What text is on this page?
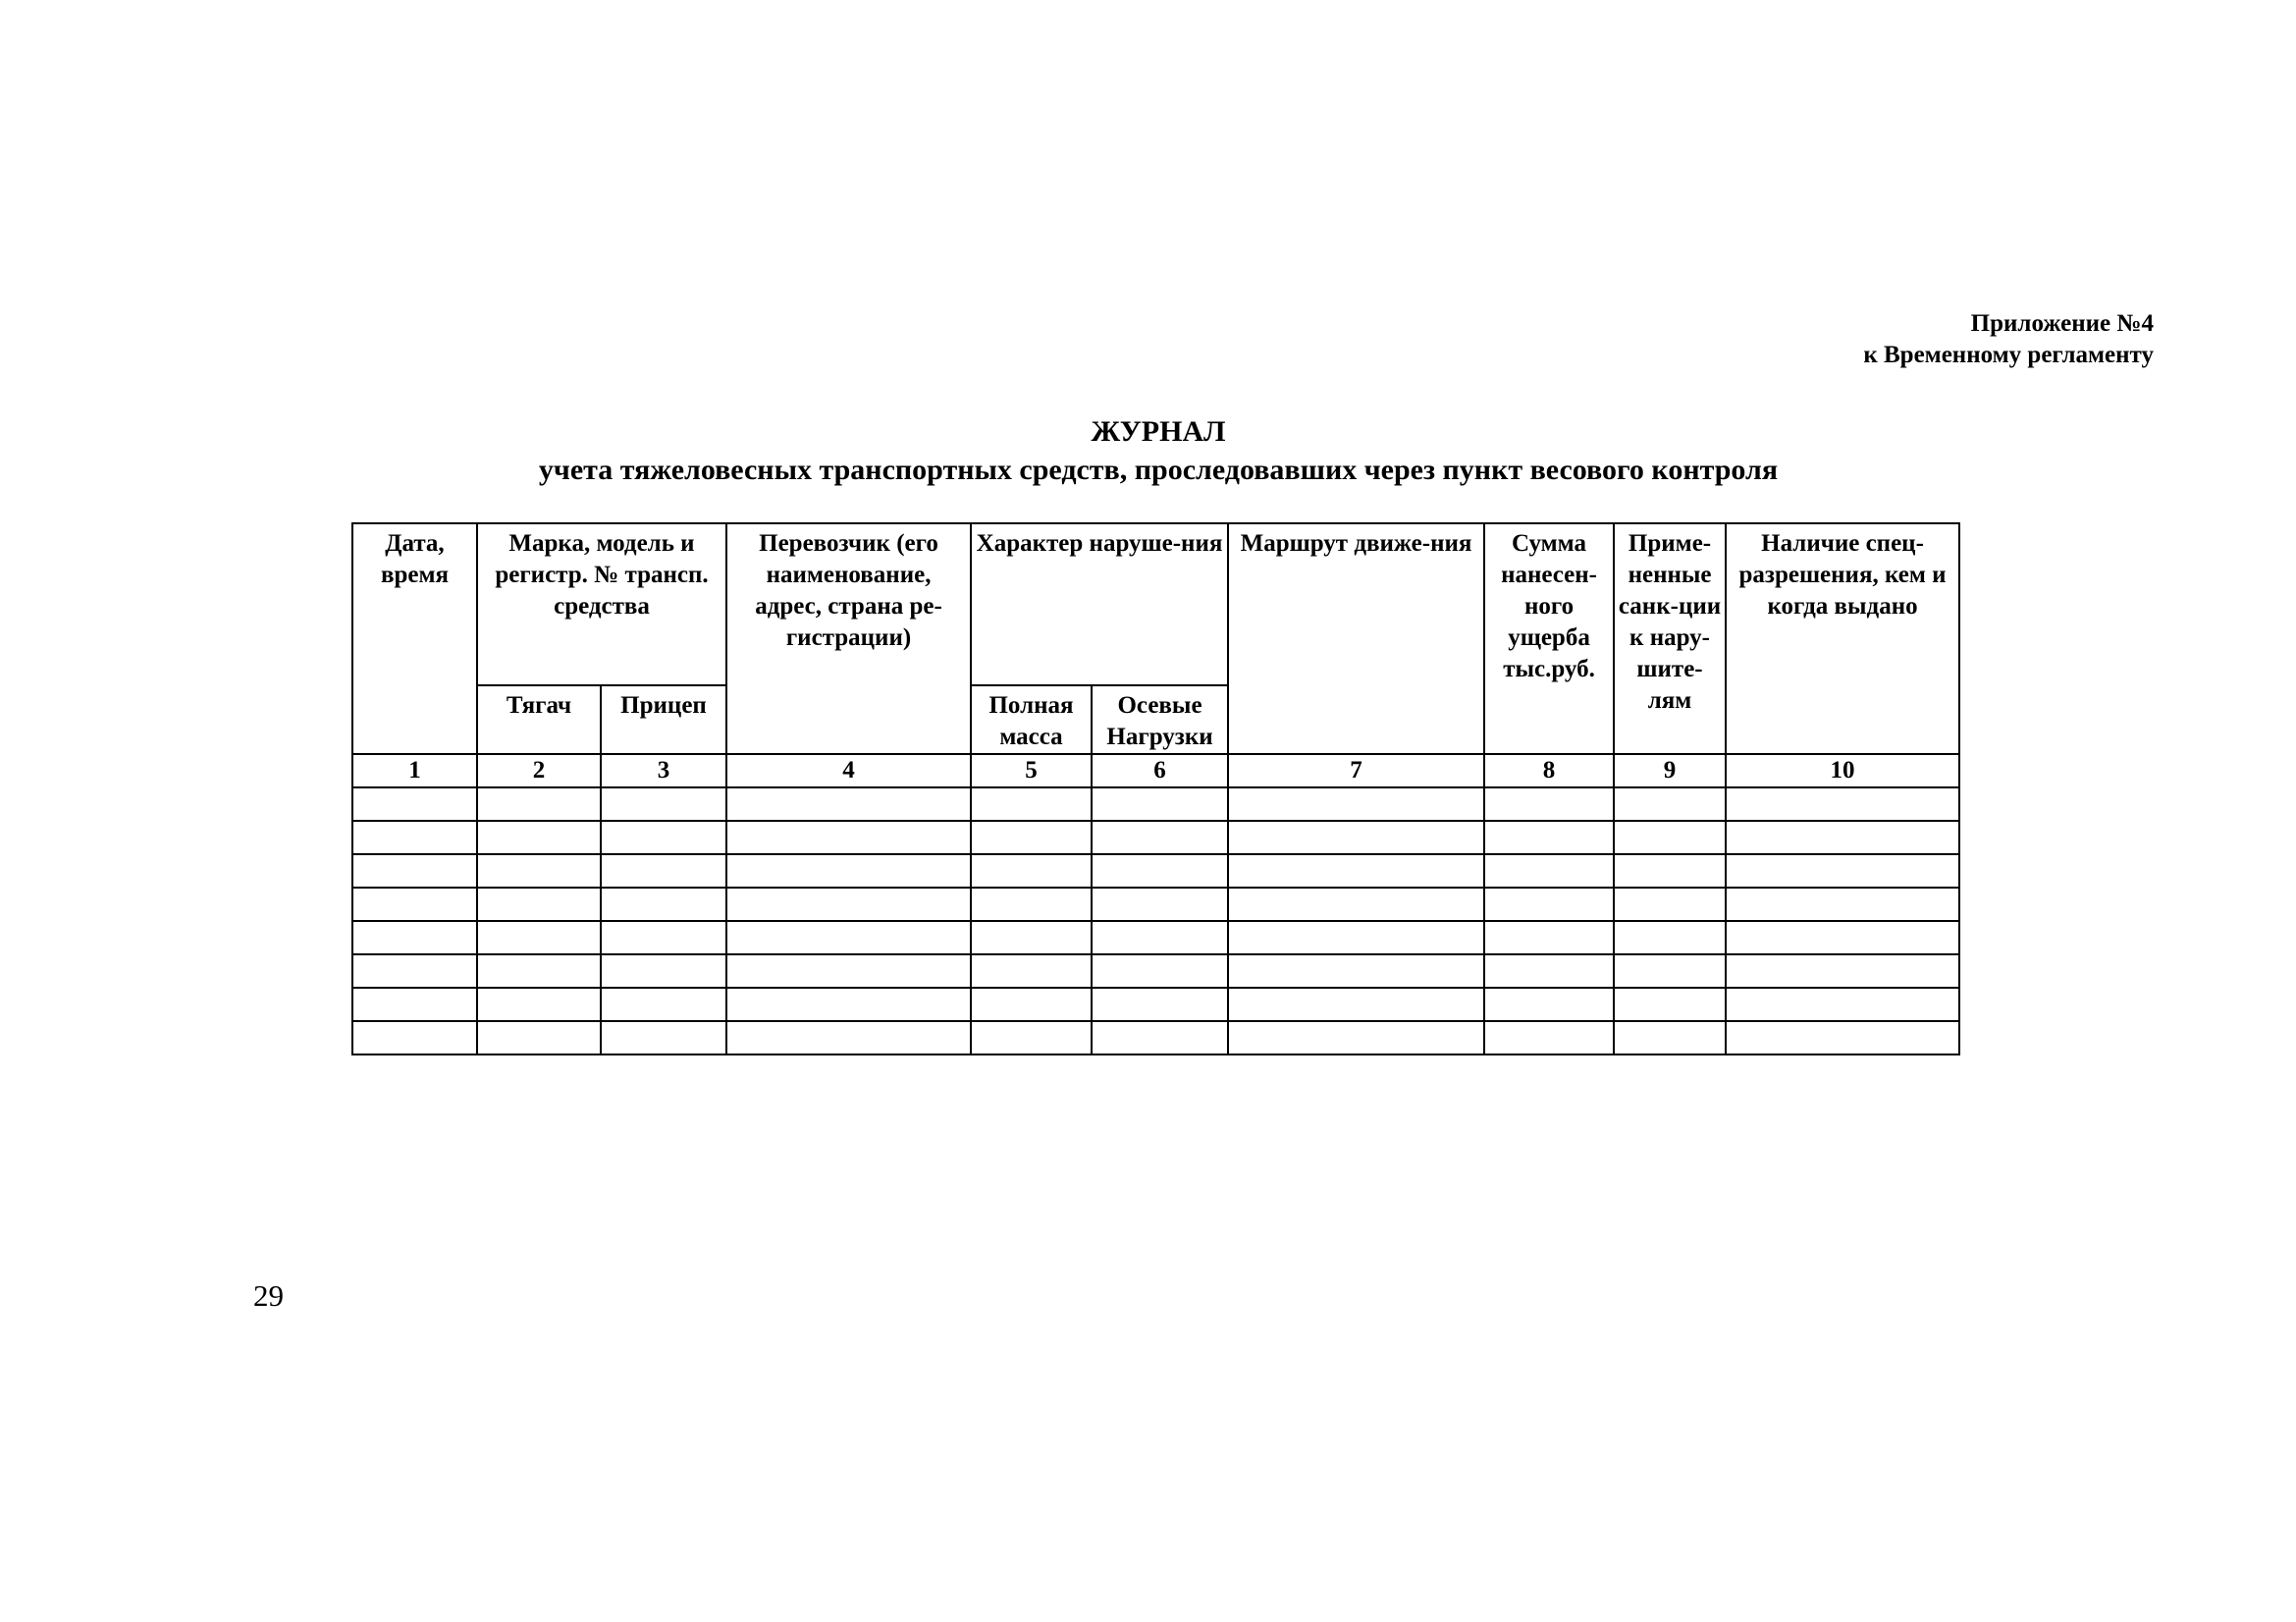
Приложение №4
к Временному регламенту
ЖУРНАЛ
учета тяжеловесных транспортных средств, проследовавших через пункт весового контроля
Дата, время	Марка, модель и регистр. № трансп. средства		Перевозчик (его наименование, адрес, страна ре-гистрации)	Характер наруше-ния		Маршрут движе-ния	Сумма нанесен-ного ущерба тыс.руб.	Приме-ненные санк-ции к нару-шите-лям	Наличие спец-разрешения, кем и когда выдано
	Тягач	Прицеп		Полная масса	Осевые Нагрузки				
1	2	3	4	5	6	7	8	9	10

29
